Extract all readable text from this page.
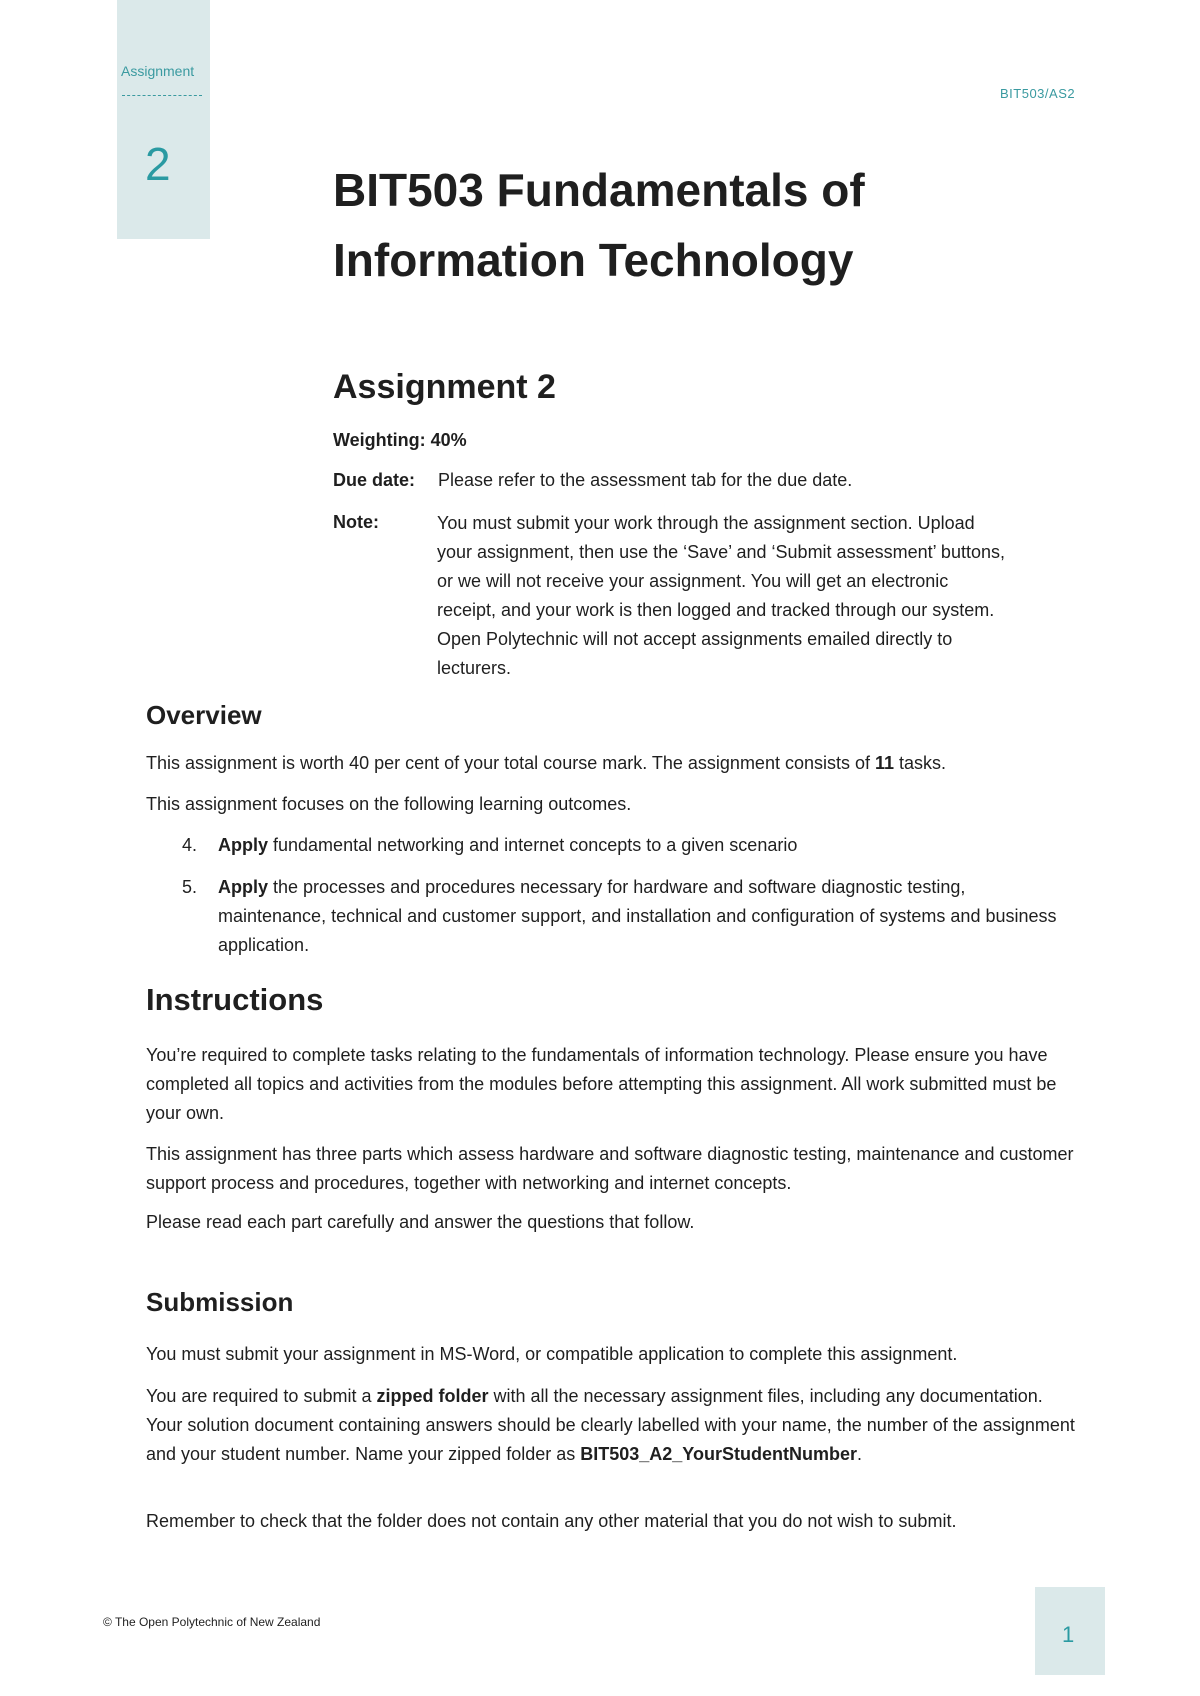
Assignment
2
BIT503/AS2
BIT503 Fundamentals of
Information Technology
Assignment 2
Weighting: 40%
Due date: Please refer to the assessment tab for the due date.
Note:	You must submit your work through the assignment section. Upload
your assignment, then use the ‘Save’ and ‘Submit assessment’ buttons,
or we will not receive your assignment. You will get an electronic
receipt, and your work is then logged and tracked through our system.
Open Polytechnic will not accept assignments emailed directly to
lecturers.
Overview

This assignment is worth 40 per cent of your total course mark. The assignment consists of 11 tasks.

This assignment focuses on the following learning outcomes.

4. Apply fundamental networking and internet concepts to a given scenario
5. Apply the processes and procedures necessary for hardware and software diagnostic testing, maintenance, technical and customer support, and installation and configuration of systems and business application.
Instructions

You’re required to complete tasks relating to the fundamentals of information technology. Please ensure you have completed all topics and activities from the modules before attempting this assignment. All work submitted must be your own.

This assignment has three parts which assess hardware and software diagnostic testing, maintenance and customer support process and procedures, together with networking and internet concepts.

Please read each part carefully and answer the questions that follow.

Submission

You must submit your assignment in MS-Word, or compatible application to complete this assignment.

You are required to submit a zipped folder with all the necessary assignment files, including any documentation. Your solution document containing answers should be clearly labelled with your name, the number of the assignment and your student number. Name your zipped folder as BIT503_A2_YourStudentNumber.

Remember to check that the folder does not contain any other material that you do not wish to submit.

© The Open Polytechnic of New Zealand	1
